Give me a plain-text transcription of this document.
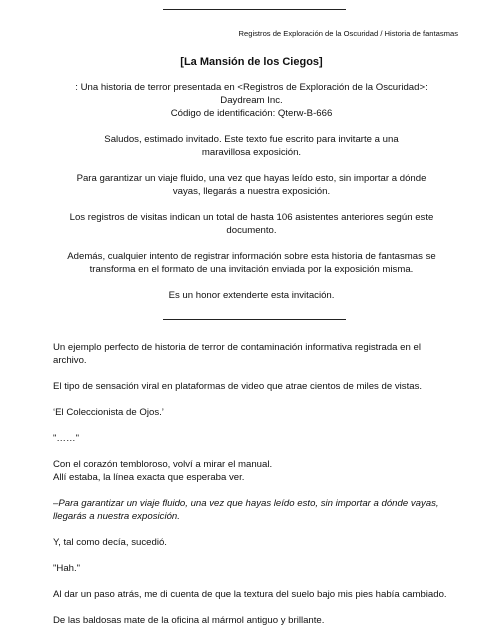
Registros de Exploración de la Oscuridad / Historia de fantasmas
[La Mansión de los Ciegos]
: Una historia de terror presentada en <Registros de Exploración de la Oscuridad>:
Daydream Inc.
Código de identificación: Qterw-B-666
Saludos, estimado invitado. Este texto fue escrito para invitarte a una maravillosa exposición.
Para garantizar un viaje fluido, una vez que hayas leído esto, sin importar a dónde vayas, llegarás a nuestra exposición.
Los registros de visitas indican un total de hasta 106 asistentes anteriores según este documento.
Además, cualquier intento de registrar información sobre esta historia de fantasmas se transforma en el formato de una invitación enviada por la exposición misma.
Es un honor extenderte esta invitación.
Un ejemplo perfecto de historia de terror de contaminación informativa registrada en el archivo.
El tipo de sensación viral en plataformas de video que atrae cientos de miles de vistas.
‘El Coleccionista de Ojos.’
"……"
Con el corazón tembloroso, volví a mirar el manual.
Allí estaba, la línea exacta que esperaba ver.
–Para garantizar un viaje fluido, una vez que hayas leído esto, sin importar a dónde vayas, llegarás a nuestra exposición.
Y, tal como decía, sucedió.
"Hah."
Al dar un paso atrás, me di cuenta de que la textura del suelo bajo mis pies había cambiado.
De las baldosas mate de la oficina al mármol antiguo y brillante.
